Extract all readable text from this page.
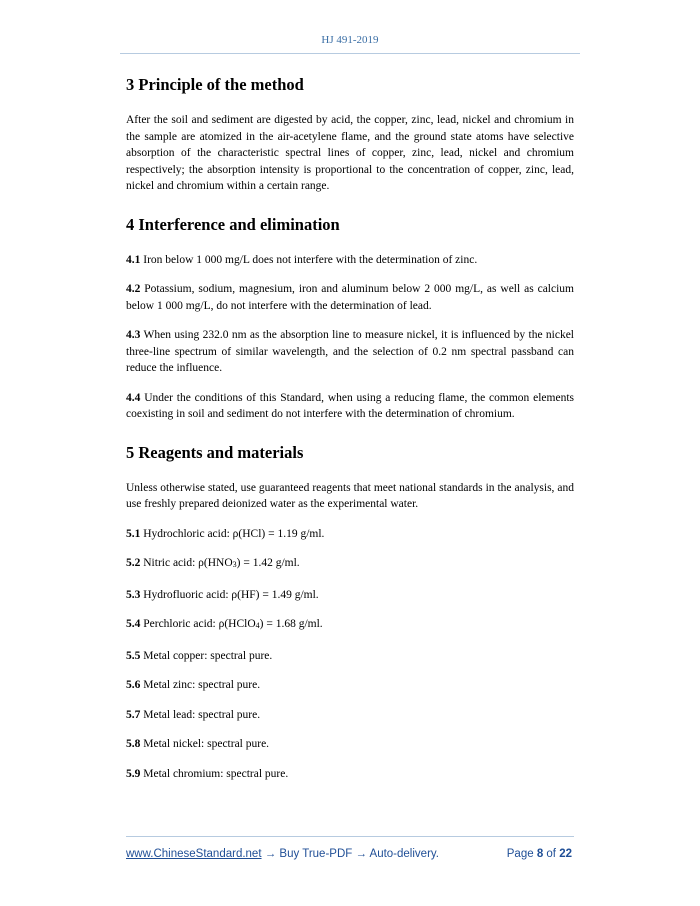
HJ 491-2019
3 Principle of the method

After the soil and sediment are digested by acid, the copper, zinc, lead, nickel and chromium in the sample are atomized in the air-acetylene flame, and the ground state atoms have selective absorption of the characteristic spectral lines of copper, zinc, lead, nickel and chromium respectively; the absorption intensity is proportional to the concentration of copper, zinc, lead, nickel and chromium within a certain range.

4 Interference and elimination

4.1 Iron below 1 000 mg/L does not interfere with the determination of zinc.

4.2 Potassium, sodium, magnesium, iron and aluminum below 2 000 mg/L, as well as calcium below 1 000 mg/L, do not interfere with the determination of lead.

4.3 When using 232.0 nm as the absorption line to measure nickel, it is influenced by the nickel three-line spectrum of similar wavelength, and the selection of 0.2 nm spectral passband can reduce the influence.

4.4 Under the conditions of this Standard, when using a reducing flame, the common elements coexisting in soil and sediment do not interfere with the determination of chromium.

5 Reagents and materials

Unless otherwise stated, use guaranteed reagents that meet national standards in the analysis, and use freshly prepared deionized water as the experimental water.

5.1 Hydrochloric acid: ρ(HCl) = 1.19 g/ml.

5.2 Nitric acid: $\rho(HNO_3) = 1.42$ g/ml.

5.3 Hydrofluoric acid: ρ(HF) = 1.49 g/ml.

5.4 Perchloric acid: ρ(HClO$_4$) = 1.68 g/ml.

5.5 Metal copper: spectral pure.

5.6 Metal zinc: spectral pure.

5.7 Metal lead: spectral pure.

5.8 Metal nickel: spectral pure.

5.9 Metal chromium: spectral pure.

www.ChineseStandard.net → Buy True-PDF → Auto-delivery.	Page 8 of 22
